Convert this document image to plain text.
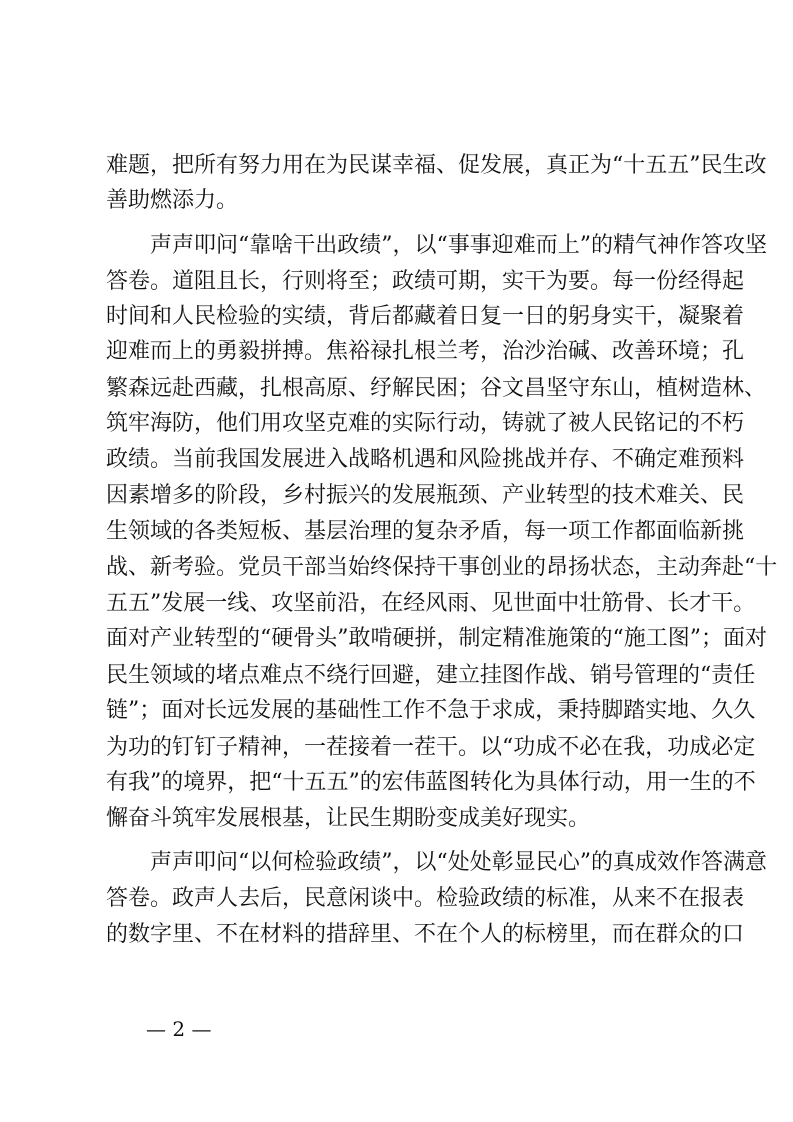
难题，把所有努力用在为民谋幸福、促发展，真正为“十五五”民生改
善助燃添力。
　　声声叩问“靠啥干出政绩”，以“事事迎难而上”的精气神作答攻坚
答卷。道阻且长，行则将至；政绩可期，实干为要。每一份经得起
时间和人民检验的实绩，背后都藏着日复一日的躬身实干，凝聚着
迎难而上的勇毅拼搏。焦裕禄扎根兰考，治沙治碱、改善环境；孔
繁森远赴西藏，扎根高原、纾解民困；谷文昌坚守东山，植树造林、
筑牢海防，他们用攻坚克难的实际行动，铸就了被人民铭记的不朽
政绩。当前我国发展进入战略机遇和风险挑战并存、不确定难预料
因素增多的阶段，乡村振兴的发展瓶颈、产业转型的技术难关、民
生领域的各类短板、基层治理的复杂矛盾，每一项工作都面临新挑
战、新考验。党员干部当始终保持干事创业的昂扬状态，主动奔赴“十
五五”发展一线、攻坚前沿，在经风雨、见世面中壮筋骨、长才干。
面对产业转型的“硬骨头”敢啃硬拼，制定精准施策的“施工图”；面对
民生领域的堵点难点不绕行回避，建立挂图作战、销号管理的“责任
链”；面对长远发展的基础性工作不急于求成，秉持脚踏实地、久久
为功的钉钉子精神，一茬接着一茬干。以“功成不必在我，功成必定
有我”的境界，把“十五五”的宏伟蓝图转化为具体行动，用一生的不
懈奋斗筑牢发展根基，让民生期盼变成美好现实。
　　声声叩问“以何检验政绩”，以“处处彰显民心”的真成效作答满意
答卷。政声人去后，民意闲谈中。检验政绩的标准，从来不在报表
的数字里、不在材料的措辞里、不在个人的标榜里，而在群众的口
— 2 —
